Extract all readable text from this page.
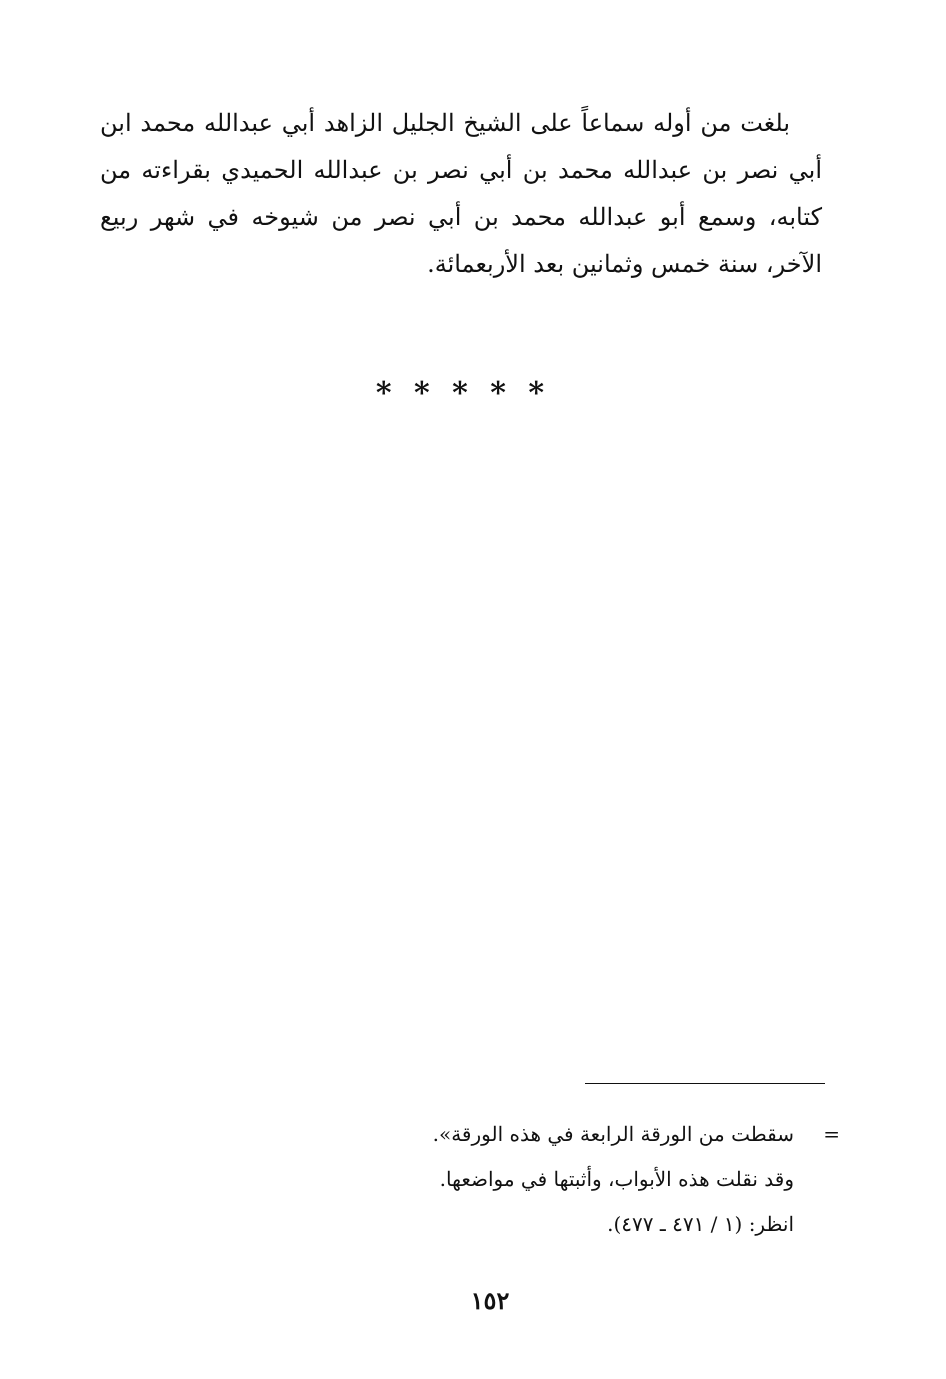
بلغت من أوله سماعاً على الشيخ الجليل الزاهد أبي عبدالله محمد ابن أبي نصر بن عبدالله محمد بن أبي نصر بن عبدالله الحميدي بقراءته من كتابه، وسمع أبو عبدالله محمد بن أبي نصر من شيوخه في شهر ربيع الآخر، سنة خمس وثمانين بعد الأربعمائة.

* * * * *
=
سقطت من الورقة الرابعة في هذه الورقة».
وقد نقلت هذه الأبواب، وأثبتها في مواضعها.
انظر: (١ / ٤٧١ ـ ٤٧٧).
١٥٢
